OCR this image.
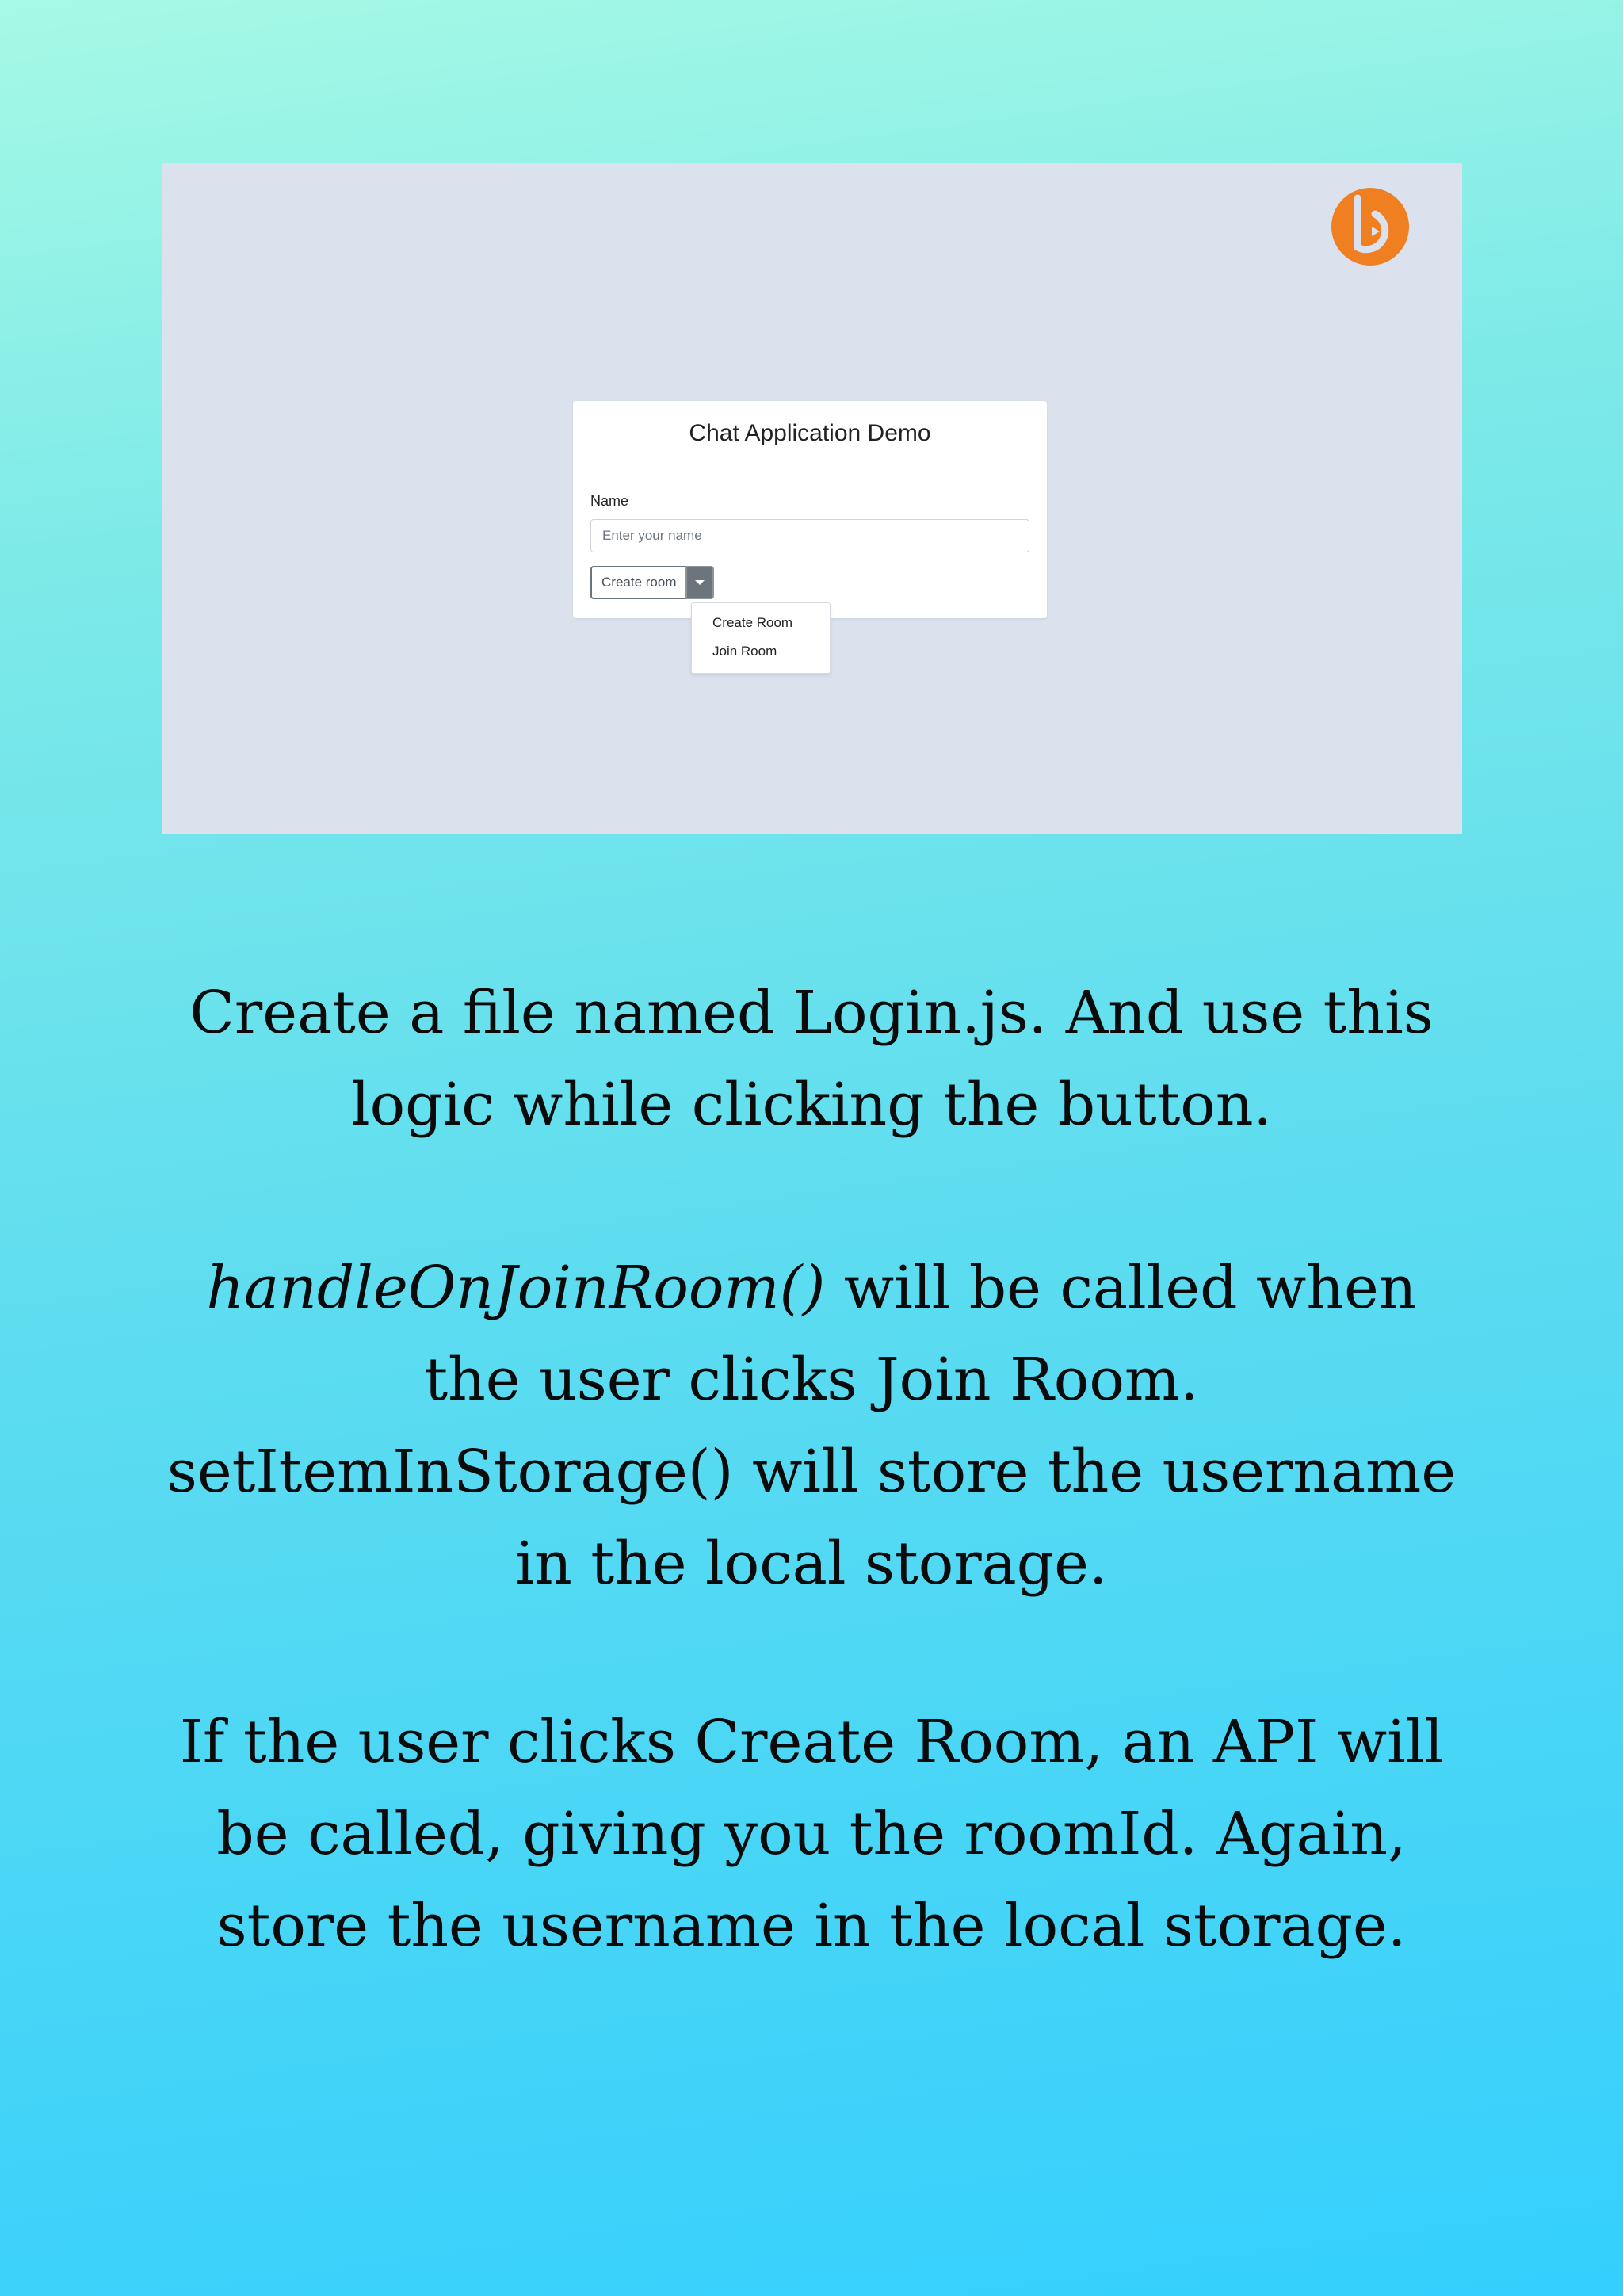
Chat Application Demo
Name
Enter your name
Create room
Create Room
Join Room
Create a file named Login.js. And use this
logic while clicking the button.
handleOnJoinRoom() will be called when
the user clicks Join Room.
setItemInStorage() will store the username
in the local storage.
If the user clicks Create Room, an API will
be called, giving you the roomId. Again,
store the username in the local storage.
